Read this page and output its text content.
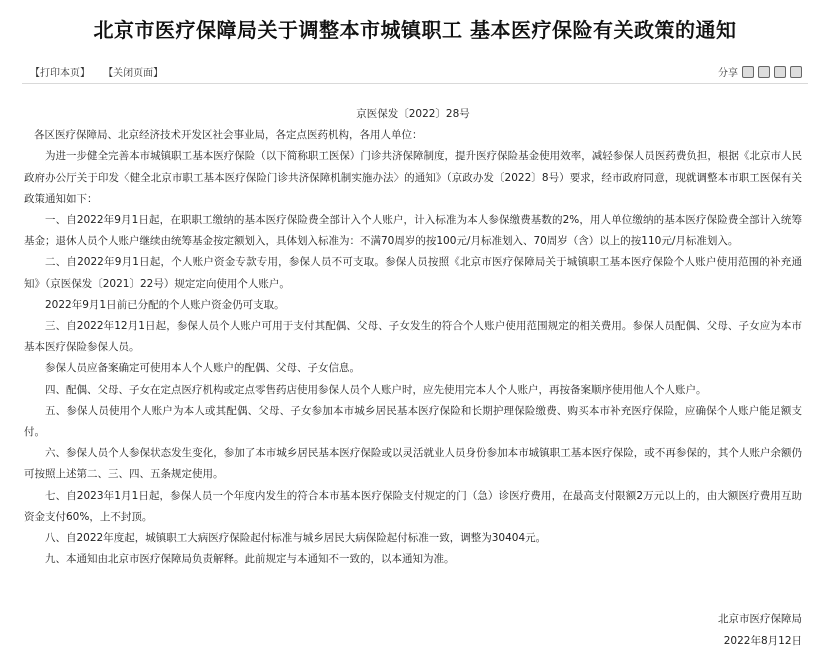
北京市医疗保障局关于调整本市城镇职工 基本医疗保险有关政策的通知
【打印本页】 【关闭页面】	分享

京医保发〔2022〕28号

各区医疗保障局、北京经济技术开发区社会事业局，各定点医药机构，各用人单位：

为进一步健全完善本市城镇职工基本医疗保险（以下简称职工医保）门诊共济保障制度，提升医疗保险基金使用效率，减轻参保人员医药费负担，根据《北京市人民政府办公厅关于印发〈健全北京市职工基本医疗保险门诊共济保障机制实施办法〉的通知》（京政办发〔2022〕8号）要求，经市政府同意，现就调整本市职工医保有关政策通知如下：

一、自2022年9月1日起，在职职工缴纳的基本医疗保险费全部计入个人账户，计入标准为本人参保缴费基数的2%，用人单位缴纳的基本医疗保险费全部计入统筹基金；退休人员个人账户继续由统筹基金按定额划入，具体划入标准为：不满70周岁的按100元/月标准划入、70周岁（含）以上的按110元/月标准划入。

二、自2022年9月1日起，个人账户资金专款专用，参保人员不可支取。参保人员按照《北京市医疗保障局关于城镇职工基本医疗保险个人账户使用范围的补充通知》（京医保发〔2021〕22号）规定定向使用个人账户。

2022年9月1日前已分配的个人账户资金仍可支取。

三、自2022年12月1日起，参保人员个人账户可用于支付其配偶、父母、子女发生的符合个人账户使用范围规定的相关费用。参保人员配偶、父母、子女应为本市基本医疗保险参保人员。

参保人员应备案确定可使用本人个人账户的配偶、父母、子女信息。

四、配偶、父母、子女在定点医疗机构或定点零售药店使用参保人员个人账户时，应先使用完本人个人账户，再按备案顺序使用他人个人账户。

五、参保人员使用个人账户为本人或其配偶、父母、子女参加本市城乡居民基本医疗保险和长期护理保险缴费、购买本市补充医疗保险，应确保个人账户能足额支付。

六、参保人员个人参保状态发生变化，参加了本市城乡居民基本医疗保险或以灵活就业人员身份参加本市城镇职工基本医疗保险，或不再参保的，其个人账户余额仍可按照上述第二、三、四、五条规定使用。

七、自2023年1月1日起，参保人员一个年度内发生的符合本市基本医疗保险支付规定的门（急）诊医疗费用，在最高支付限额2万元以上的，由大额医疗费用互助资金支付60%，上不封顶。

八、自2022年度起，城镇职工大病医疗保险起付标准与城乡居民大病保险起付标准一致，调整为30404元。

九、本通知由北京市医疗保障局负责解释。此前规定与本通知不一致的，以本通知为准。

北京市医疗保障局
2022年8月12日
